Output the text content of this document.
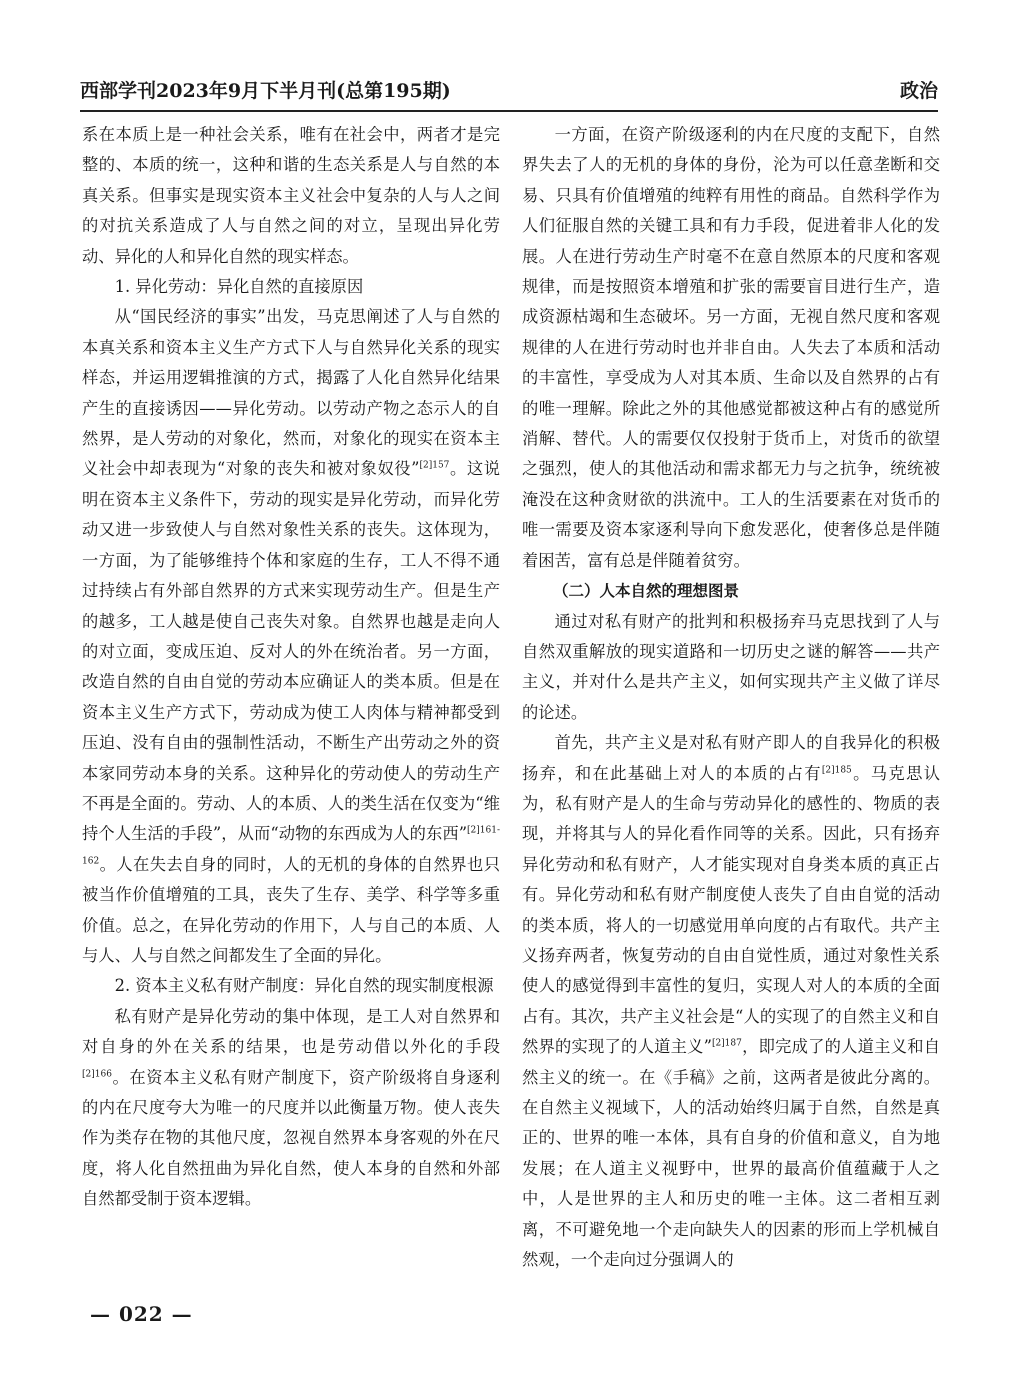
西部学刊2023年9月下半月刊(总第195期)	政治

系在本质上是一种社会关系，唯有在社会中，两者才是完整的、本质的统一，这种和谐的生态关系是人与自然的本真关系。但事实是现实资本主义社会中复杂的人与人之间的对抗关系造成了人与自然之间的对立，呈现出异化劳动、异化的人和异化自然的现实样态。

1. 异化劳动：异化自然的直接原因

从“国民经济的事实”出发，马克思阐述了人与自然的本真关系和资本主义生产方式下人与自然异化关系的现实样态，并运用逻辑推演的方式，揭露了人化自然异化结果产生的直接诱因——异化劳动。以劳动产物之态示人的自然界，是人劳动的对象化，然而，对象化的现实在资本主义社会中却表现为“对象的丧失和被对象奴役”$^{[2]157}$。这说明在资本主义条件下，劳动的现实是异化劳动，而异化劳动又进一步致使人与自然对象性关系的丧失。这体现为，一方面，为了能够维持个体和家庭的生存，工人不得不通过持续占有外部自然界的方式来实现劳动生产。但是生产的越多，工人越是使自己丧失对象。自然界也越是走向人的对立面，变成压迫、反对人的外在统治者。另一方面，改造自然的自由自觉的劳动本应确证人的类本质。但是在资本主义生产方式下，劳动成为使工人肉体与精神都受到压迫、没有自由的强制性活动，不断生产出劳动之外的资本家同劳动本身的关系。这种异化的劳动使人的劳动生产不再是全面的。劳动、人的本质、人的类生活在仅变为“维持个人生活的手段”，从而“动物的东西成为人的东西”$^{[2]161-162}$。人在失去自身的同时，人的无机的身体的自然界也只被当作价值增殖的工具，丧失了生存、美学、科学等多重价值。总之，在异化劳动的作用下，人与自己的本质、人与人、人与自然之间都发生了全面的异化。

2. 资本主义私有财产制度：异化自然的现实制度根源

私有财产是异化劳动的集中体现，是工人对自然界和对自身的外在关系的结果，也是劳动借以外化的手段$^{[2]166}$。在资本主义私有财产制度下，资产阶级将自身逐利的内在尺度夸大为唯一的尺度并以此衡量万物。使人丧失作为类存在物的其他尺度，忽视自然界本身客观的外在尺度，将人化自然扭曲为异化自然，使人本身的自然和外部自然都受制于资本逻辑。

一方面，在资产阶级逐利的内在尺度的支配下，自然界失去了人的无机的身体的身份，沦为可以任意垄断和交易、只具有价值增殖的纯粹有用性的商品。自然科学作为人们征服自然的关键工具和有力手段，促进着非人化的发展。人在进行劳动生产时毫不在意自然原本的尺度和客观规律，而是按照资本增殖和扩张的需要盲目进行生产，造成资源枯竭和生态破坏。另一方面，无视自然尺度和客观规律的人在进行劳动时也并非自由。人失去了本质和活动的丰富性，享受成为人对其本质、生命以及自然界的占有的唯一理解。除此之外的其他感觉都被这种占有的感觉所消解、替代。人的需要仅仅投射于货币上，对货币的欲望之强烈，使人的其他活动和需求都无力与之抗争，统统被淹没在这种贪财欲的洪流中。工人的生活要素在对货币的唯一需要及资本家逐利导向下愈发恶化，使奢侈总是伴随着困苦，富有总是伴随着贫穷。

（二）人本自然的理想图景

通过对私有财产的批判和积极扬弃马克思找到了人与自然双重解放的现实道路和一切历史之谜的解答——共产主义，并对什么是共产主义，如何实现共产主义做了详尽的论述。

首先，共产主义是对私有财产即人的自我异化的积极扬弃，和在此基础上对人的本质的占有$^{[2]185}$。马克思认为，私有财产是人的生命与劳动异化的感性的、物质的表现，并将其与人的异化看作同等的关系。因此，只有扬弃异化劳动和私有财产，人才能实现对自身类本质的真正占有。异化劳动和私有财产制度使人丧失了自由自觉的活动的类本质，将人的一切感觉用单向度的占有取代。共产主义扬弃两者，恢复劳动的自由自觉性质，通过对象性关系使人的感觉得到丰富性的复归，实现人对人的本质的全面占有。其次，共产主义社会是“人的实现了的自然主义和自然界的实现了的人道主义”$^{[2]187}$，即完成了的人道主义和自然主义的统一。在《手稿》之前，这两者是彼此分离的。在自然主义视域下，人的活动始终归属于自然，自然是真正的、世界的唯一本体，具有自身的价值和意义，自为地发展；在人道主义视野中，世界的最高价值蕴藏于人之中，人是世界的主人和历史的唯一主体。这二者相互剥离，不可避免地一个走向缺失人的因素的形而上学机械自然观，一个走向过分强调人的

— 022 —
